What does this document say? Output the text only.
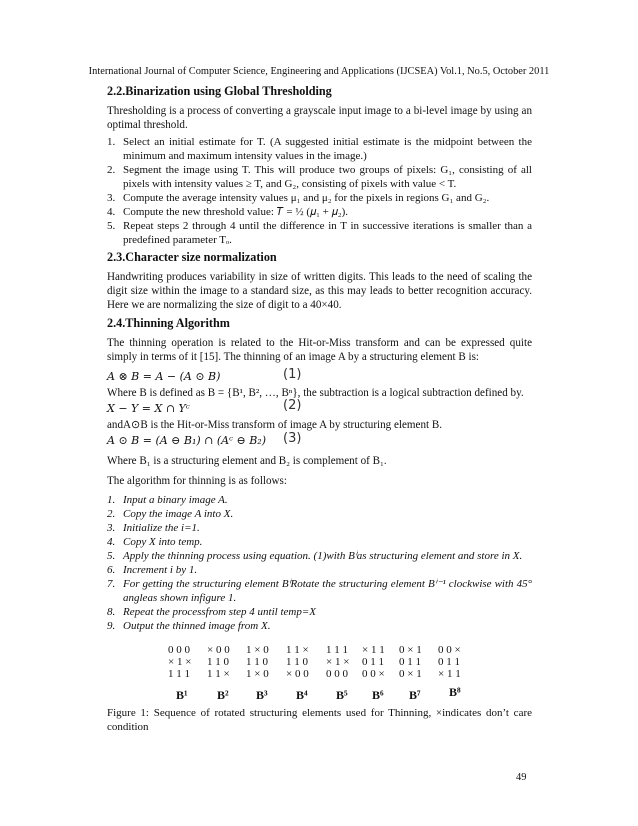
International Journal of Computer Science, Engineering and Applications (IJCSEA) Vol.1, No.5, October 2011
2.2.Binarization using Global Thresholding

Thresholding is a process of converting a grayscale input image to a bi-level image by using an optimal threshold.

1. Select an initial estimate for T. (A suggested initial estimate is the midpoint between the minimum and maximum intensity values in the image.)
2. Segment the image using T. This will produce two groups of pixels: G₁, consisting of all pixels with intensity values ≥ T, and G₂, consisting of pixels with value < T.
3. Compute the average intensity values μ₁ and μ₂ for the pixels in regions G₁ and G₂.
4. Compute the new threshold value: 𝑇 = ½ (𝜇₁ + 𝜇₂).
5. Repeat steps 2 through 4 until the difference in T in successive iterations is smaller than a predefined parameter Tₒ.
2.3.Character size normalization

Handwriting produces variability in size of written digits. This leads to the need of scaling the digit size within the image to a standard size, as this may leads to better recognition accuracy. Here we are normalizing the size of digit to a 40×40.

2.4.Thinning Algorithm

The thinning operation is related to the Hit-or-Miss transform and can be expressed quite simply in terms of it [15]. The thinning of an image A by a structuring element B is:

𝐴 ⊗ 𝐵 = 𝐴 − (𝐴 ⊙ 𝐵)	(1)
Where B is defined as B = {B¹, B², …, Bⁿ}, the subtraction is a logical subtraction defined by.
𝑋 − 𝑌 = 𝑋 ∩ 𝑌ᶜ	(2)
andA⊙B is the Hit-or-Miss transform of image A by structuring element B.
𝐴 ⊙ 𝐵 = (𝐴 ⊖ 𝐵₁) ∩ (𝐴ᶜ ⊖ 𝐵₂) (3)
Where B₁ is a structuring element and B₂ is complement of B₁.
The algorithm for thinning is as follows:
1. Input a binary image A.
2. Copy the image A into X.
3. Initialize the i=1.
4. Copy X into temp.
5. Apply the thinning process using equation. (1)with Bⁱas structuring element and store in X.
6. Increment i by 1.
7. For getting the structuring element BⁱRotate the structuring element Bⁱ⁻¹ clockwise with 45° angleas shown infigure 1.
8. Repeat the processfrom step 4 until temp=X
9. Output the thinned image from X.
0 0 0
× 1 ×
1 1 1
B¹
× 0 0
1 1 0
1 1 ×
B²
1 × 0
1 1 0
1 × 0
B³
1 1 ×
1 1 0
× 0 0
B⁴
1 1 1
× 1 ×
0 0 0
B⁵
× 1 1
0 1 1
0 0 ×
B⁶
0 × 1
0 1 1
0 × 1
B⁷
0 0 ×
0 1 1
× 1 1
B⁸
Figure 1: Sequence of rotated structuring elements used for Thinning, ×indicates don’t care condition
49
